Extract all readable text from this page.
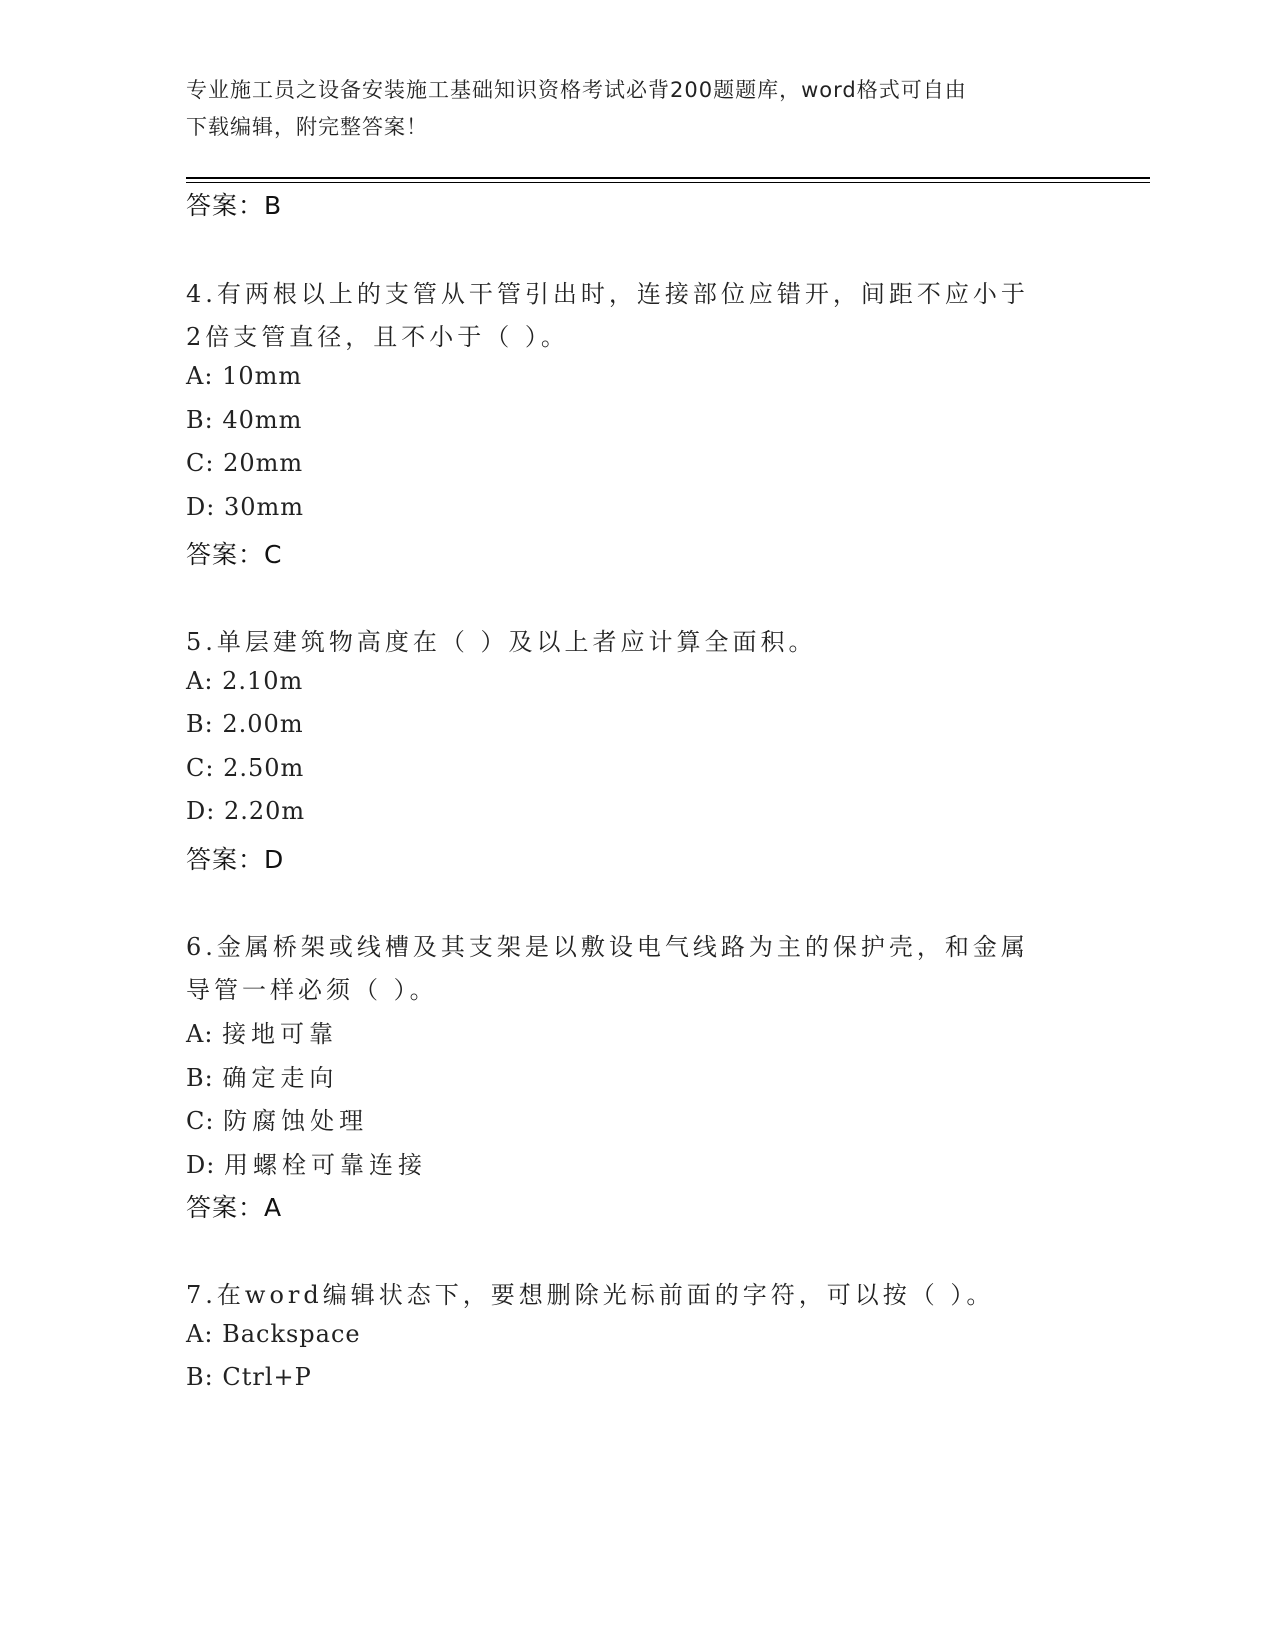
专业施工员之设备安装施工基础知识资格考试必背200题题库，word格式可自由
下载编辑，附完整答案！
答案：B
4.有两根以上的支管从干管引出时，连接部位应错开，间距不应小于
2倍支管直径，且不小于（ ）。
A: 10mm
B: 40mm
C: 20mm
D: 30mm
答案：C
5.单层建筑物高度在（ ）及以上者应计算全面积。
A: 2.10m
B: 2.00m
C: 2.50m
D: 2.20m
答案：D
6.金属桥架或线槽及其支架是以敷设电气线路为主的保护壳，和金属
导管一样必须（ ）。
A: 接地可靠
B: 确定走向
C: 防腐蚀处理
D: 用螺栓可靠连接
答案：A
7.在word编辑状态下，要想删除光标前面的字符，可以按（ ）。
A: Backspace
B: Ctrl+P
